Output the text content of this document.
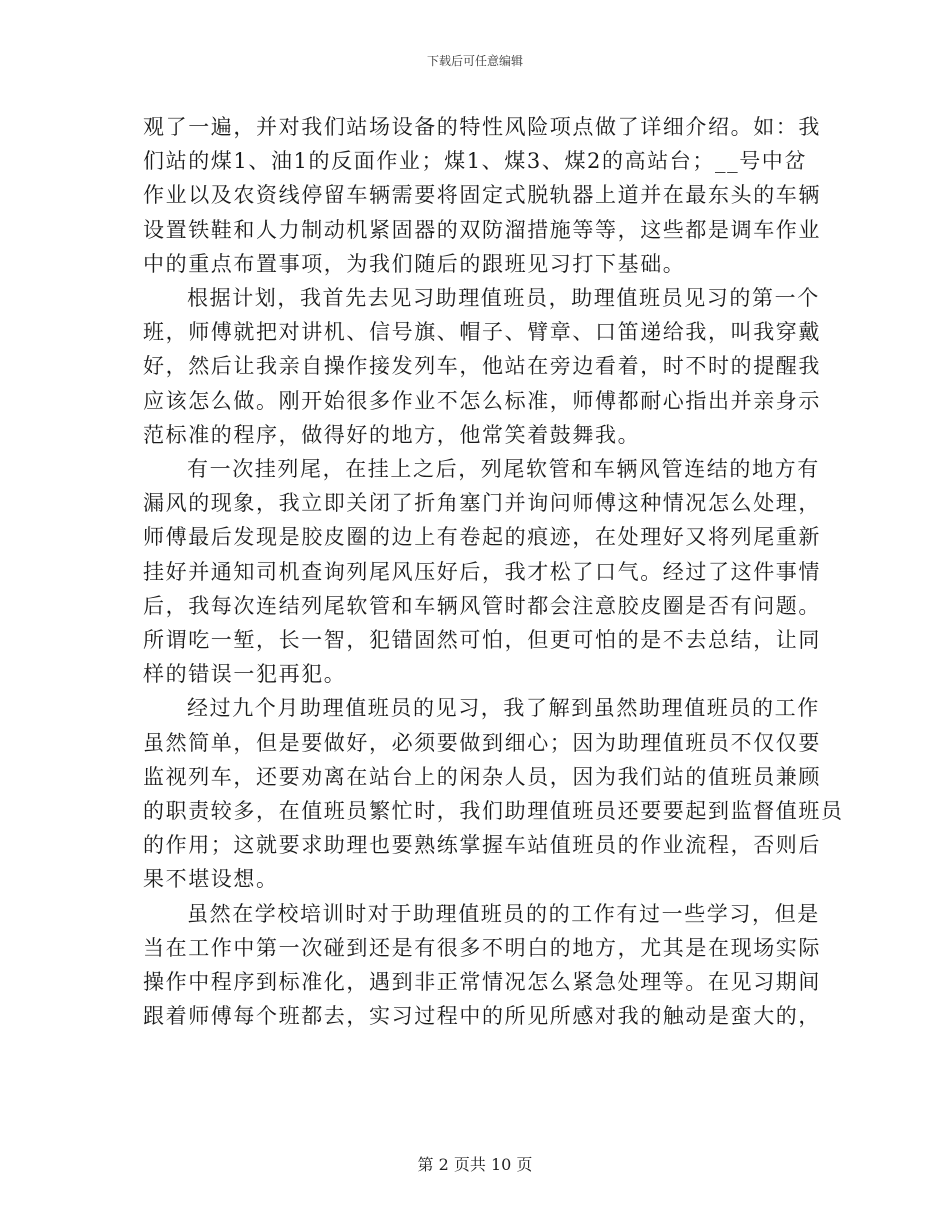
下载后可任意编辑

观了一遍，并对我们站场设备的特性风险项点做了详细介绍。如：我
们站的煤1、油1的反面作业；煤1、煤3、煤2的高站台；__号中岔
作业以及农资线停留车辆需要将固定式脱轨器上道并在最东头的车辆
设置铁鞋和人力制动机紧固器的双防溜措施等等，这些都是调车作业
中的重点布置事项，为我们随后的跟班见习打下基础。

根据计划，我首先去见习助理值班员，助理值班员见习的第一个
班，师傅就把对讲机、信号旗、帽子、臂章、口笛递给我，叫我穿戴
好，然后让我亲自操作接发列车，他站在旁边看着，时不时的提醒我
应该怎么做。刚开始很多作业不怎么标准，师傅都耐心指出并亲身示
范标准的程序，做得好的地方，他常笑着鼓舞我。

有一次挂列尾，在挂上之后，列尾软管和车辆风管连结的地方有
漏风的现象，我立即关闭了折角塞门并询问师傅这种情况怎么处理，
师傅最后发现是胶皮圈的边上有卷起的痕迹，在处理好又将列尾重新
挂好并通知司机查询列尾风压好后，我才松了口气。经过了这件事情
后，我每次连结列尾软管和车辆风管时都会注意胶皮圈是否有问题。
所谓吃一堑，长一智，犯错固然可怕，但更可怕的是不去总结，让同
样的错误一犯再犯。

经过九个月助理值班员的见习，我了解到虽然助理值班员的工作
虽然简单，但是要做好，必须要做到细心；因为助理值班员不仅仅要
监视列车，还要劝离在站台上的闲杂人员，因为我们站的值班员兼顾
的职责较多，在值班员繁忙时，我们助理值班员还要要起到监督值班员
的作用；这就要求助理也要熟练掌握车站值班员的作业流程，否则后
果不堪设想。

虽然在学校培训时对于助理值班员的的工作有过一些学习，但是
当在工作中第一次碰到还是有很多不明白的地方，尤其是在现场实际
操作中程序到标准化，遇到非正常情况怎么紧急处理等。在见习期间
跟着师傅每个班都去，实习过程中的所见所感对我的触动是蛮大的，

第 2 页共 10 页
